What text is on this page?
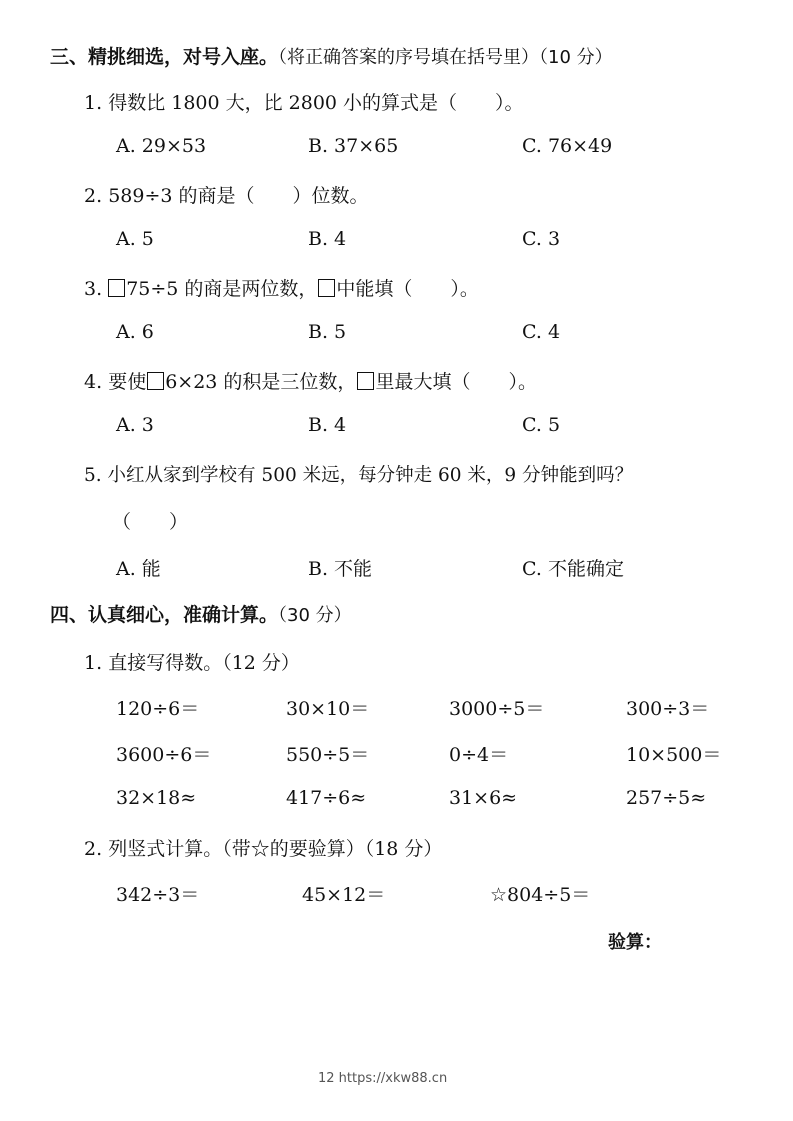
三、精挑细选，对号入座。（将正确答案的序号填在括号里）（10 分）
1. 得数比 1800 大，比 2800 小的算式是（　　）。
A. 29×53	B. 37×65	C. 76×49
2. 589÷3 的商是（　　）位数。
A. 5	B. 4	C. 3
3. 75÷5 的商是两位数， 中能填（　　）。
A. 6	B. 5	C. 4
4. 要使 6×23 的积是三位数， 里最大填（　　）。
A. 3	B. 4	C. 5
5. 小红从家到学校有 500 米远，每分钟走 60 米，9 分钟能到吗？
（　　）
A. 能	B. 不能	C. 不能确定
四、认真细心，准确计算。（30 分）
1. 直接写得数。（12 分）
120÷6＝	30×10＝	3000÷5＝	300÷3＝
3600÷6＝	550÷5＝	0÷4＝	10×500＝
32×18≈	417÷6≈	31×6≈	257÷5≈
2. 列竖式计算。（带☆的要验算）（18 分）
342÷3＝	45×12＝	☆804÷5＝
验算：
12 https://xkw88.cn
